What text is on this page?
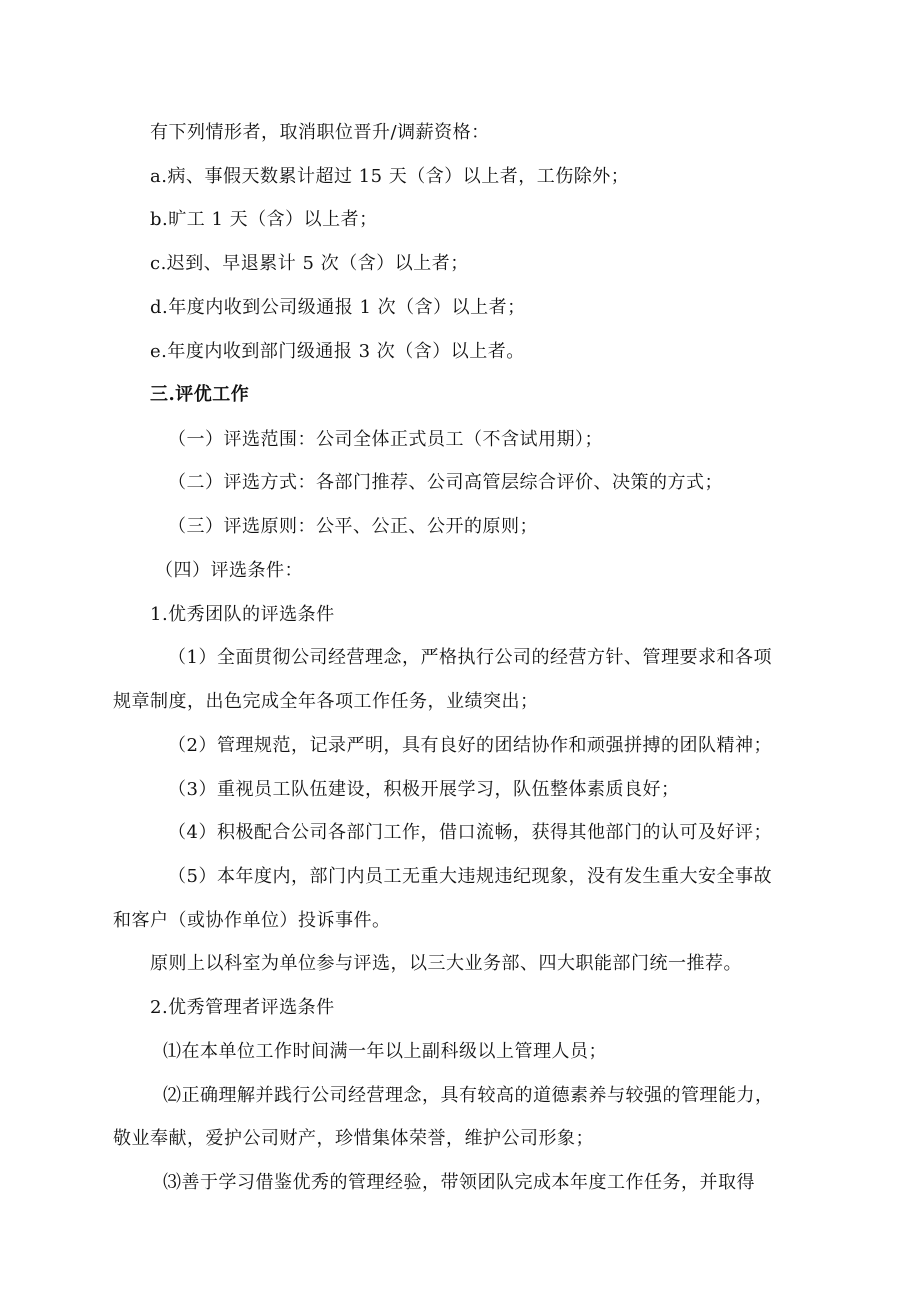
有下列情形者，取消职位晋升/调薪资格：
a.病、事假天数累计超过 15 天（含）以上者，工伤除外；
b.旷工 1 天（含）以上者；
c.迟到、早退累计 5 次（含）以上者；
d.年度内收到公司级通报 1 次（含）以上者；
e.年度内收到部门级通报 3 次（含）以上者。
三.评优工作
（一）评选范围：公司全体正式员工（不含试用期）；
（二）评选方式：各部门推荐、公司高管层综合评价、决策的方式；
（三）评选原则：公平、公正、公开的原则；
（四）评选条件：
1.优秀团队的评选条件
（1）全面贯彻公司经营理念，严格执行公司的经营方针、管理要求和各项
规章制度，出色完成全年各项工作任务，业绩突出；
（2）管理规范，记录严明，具有良好的团结协作和顽强拼搏的团队精神；
（3）重视员工队伍建设，积极开展学习，队伍整体素质良好；
（4）积极配合公司各部门工作，借口流畅，获得其他部门的认可及好评；
（5）本年度内，部门内员工无重大违规违纪现象，没有发生重大安全事故
和客户（或协作单位）投诉事件。
原则上以科室为单位参与评选，以三大业务部、四大职能部门统一推荐。
2.优秀管理者评选条件
⑴在本单位工作时间满一年以上副科级以上管理人员；
⑵正确理解并践行公司经营理念，具有较高的道德素养与较强的管理能力，
敬业奉献，爱护公司财产，珍惜集体荣誉，维护公司形象；
⑶善于学习借鉴优秀的管理经验，带领团队完成本年度工作任务，并取得
